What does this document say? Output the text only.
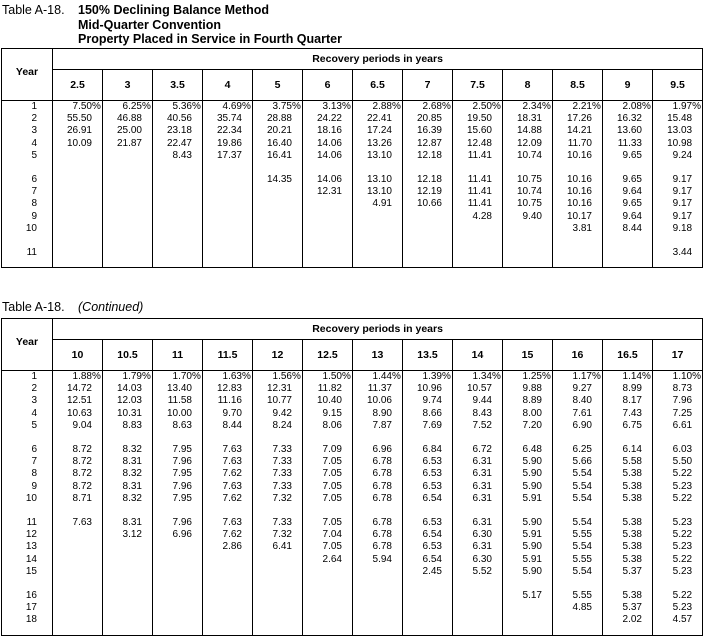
Table A-18.	150% Declining Balance Method
Mid-Quarter Convention
Property Placed in Service in Fourth Quarter
Year	Recovery periods in years												
	2.5	3	3.5	4	5	6	6.5	7	7.5	8	8.5	9	9.5
1	7.50%	6.25%	5.36%	4.69%	3.75%	3.13%	2.88%	2.68%	2.50%	2.34%	2.21%	2.08%	1.97%
2	55.50	46.88	40.56	35.74	28.88	24.22	22.41	20.85	19.50	18.31	17.26	16.32	15.48
3	26.91	25.00	23.18	22.34	20.21	18.16	17.24	16.39	15.60	14.88	14.21	13.60	13.03
4	10.09	21.87	22.47	19.86	16.40	14.06	13.26	12.87	12.48	12.09	11.70	11.33	10.98
5			8.43	17.37	16.41	14.06	13.10	12.18	11.41	10.74	10.16	9.65	9.24

6					14.35	14.06	13.10	12.18	11.41	10.75	10.16	9.65	9.17
7						12.31	13.10	12.19	11.41	10.74	10.16	9.64	9.17
8							4.91	10.66	11.41	10.75	10.16	9.65	9.17
9									4.28	9.40	10.17	9.64	9.17
10											3.81	8.44	9.18

11													3.44

Table A-18.	(Continued)
Year	Recovery periods in years												
	10	10.5	11	11.5	12	12.5	13	13.5	14	15	16	16.5	17
1	1.88%	1.79%	1.70%	1.63%	1.56%	1.50%	1.44%	1.39%	1.34%	1.25%	1.17%	1.14%	1.10%
2	14.72	14.03	13.40	12.83	12.31	11.82	11.37	10.96	10.57	9.88	9.27	8.99	8.73
3	12.51	12.03	11.58	11.16	10.77	10.40	10.06	9.74	9.44	8.89	8.40	8.17	7.96
4	10.63	10.31	10.00	9.70	9.42	9.15	8.90	8.66	8.43	8.00	7.61	7.43	7.25
5	9.04	8.83	8.63	8.44	8.24	8.06	7.87	7.69	7.52	7.20	6.90	6.75	6.61

6	8.72	8.32	7.95	7.63	7.33	7.09	6.96	6.84	6.72	6.48	6.25	6.14	6.03
7	8.72	8.31	7.96	7.63	7.33	7.05	6.78	6.53	6.31	5.90	5.66	5.58	5.50
8	8.72	8.32	7.95	7.62	7.33	7.05	6.78	6.53	6.31	5.90	5.54	5.38	5.22
9	8.72	8.31	7.96	7.63	7.33	7.05	6.78	6.53	6.31	5.90	5.54	5.38	5.23
10	8.71	8.32	7.95	7.62	7.32	7.05	6.78	6.54	6.31	5.91	5.54	5.38	5.22

11	7.63	8.31	7.96	7.63	7.33	7.05	6.78	6.53	6.31	5.90	5.54	5.38	5.23
12		3.12	6.96	7.62	7.32	7.04	6.78	6.54	6.30	5.91	5.55	5.38	5.22
13				2.86	6.41	7.05	6.78	6.53	6.31	5.90	5.54	5.38	5.23
14						2.64	5.94	6.54	6.30	5.91	5.55	5.38	5.22
15								2.45	5.52	5.90	5.54	5.37	5.23

16										5.17	5.55	5.38	5.22
17											4.85	5.37	5.23
18												2.02	4.57
